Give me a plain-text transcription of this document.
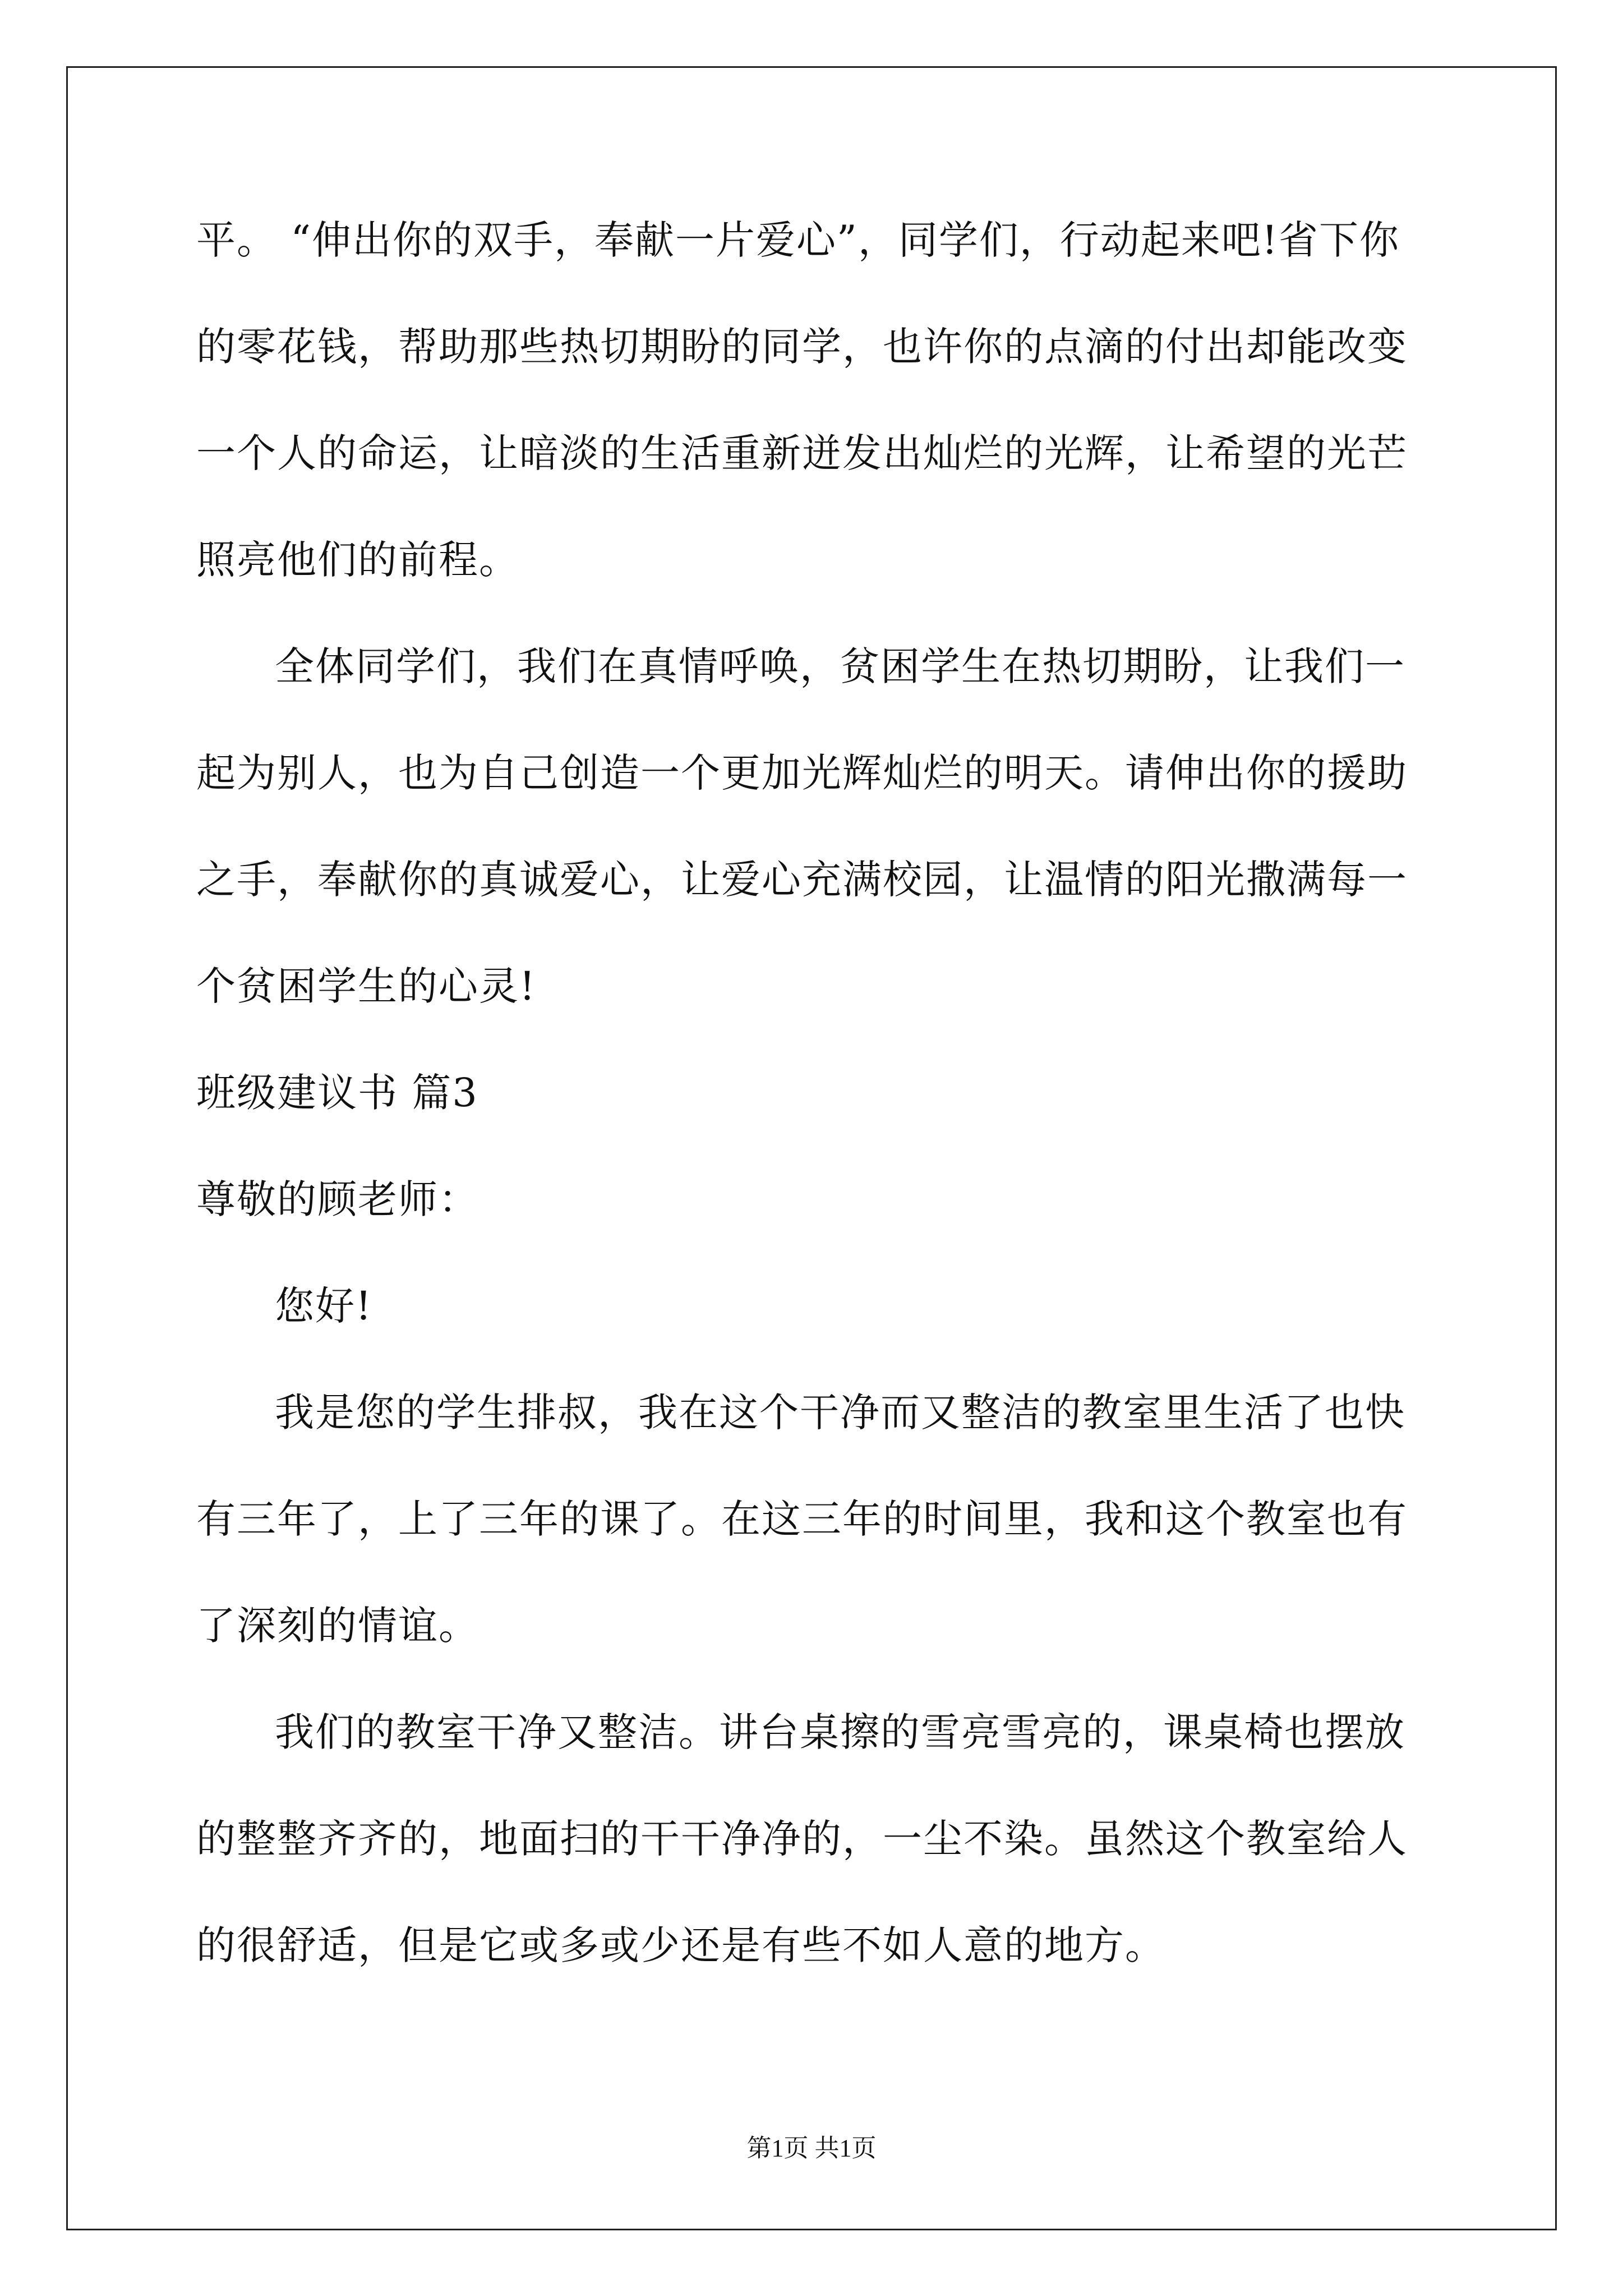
平。 “伸出你的双手，奉献一片爱心”，同学们，行动起来吧!省下你
的零花钱，帮助那些热切期盼的同学，也许你的点滴的付出却能改变
一个人的命运，让暗淡的生活重新迸发出灿烂的光辉，让希望的光芒
照亮他们的前程。
全体同学们，我们在真情呼唤，贫困学生在热切期盼，让我们一
起为别人，也为自己创造一个更加光辉灿烂的明天。请伸出你的援助
之手，奉献你的真诚爱心，让爱心充满校园，让温情的阳光撒满每一
个贫困学生的心灵!
班级建议书 篇3
尊敬的顾老师：
您好!
我是您的学生排叔，我在这个干净而又整洁的教室里生活了也快
有三年了，上了三年的课了。在这三年的时间里，我和这个教室也有
了深刻的情谊。
我们的教室干净又整洁。讲台桌擦的雪亮雪亮的，课桌椅也摆放
的整整齐齐的，地面扫的干干净净的，一尘不染。虽然这个教室给人
的很舒适，但是它或多或少还是有些不如人意的地方。
第1页 共1页
